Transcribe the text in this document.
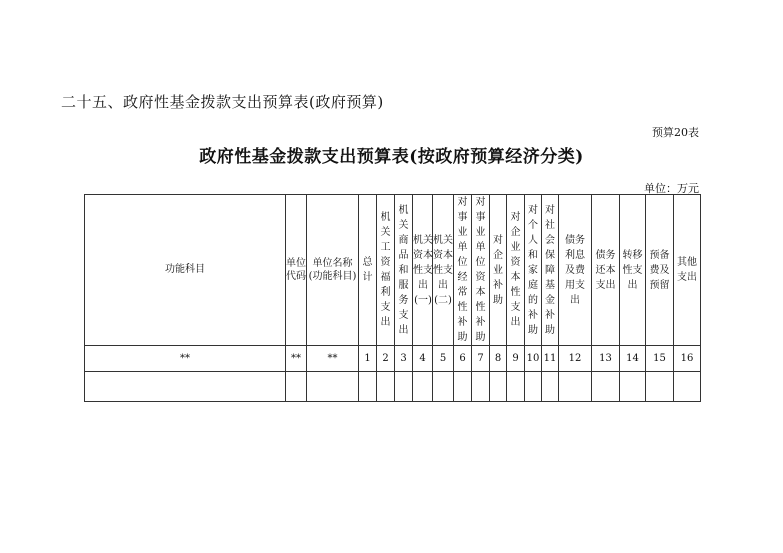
二十五、政府性基金拨款支出预算表(政府预算)
预算20表
政府性基金拨款支出预算表(按政府预算经济分类)
单位：万元
功能科目	单位代码	单位名称(功能科目)	总计	机关工资福利支出	机关商品和服务支出	机关资本性支出(一)	机关资本性支出(二)	对事业单位经常性补助	对事业单位资本性补助	对企业补助	对企业资本性支出	对个人和家庭的补助	对社会保障基金补助	债务利息及费用支出	债务还本支出	转移性支出	预备费及预留	其他支出

**	**	**	1	2	3	4	5	6	7	8	9	10	11	12	13	14	15	16
